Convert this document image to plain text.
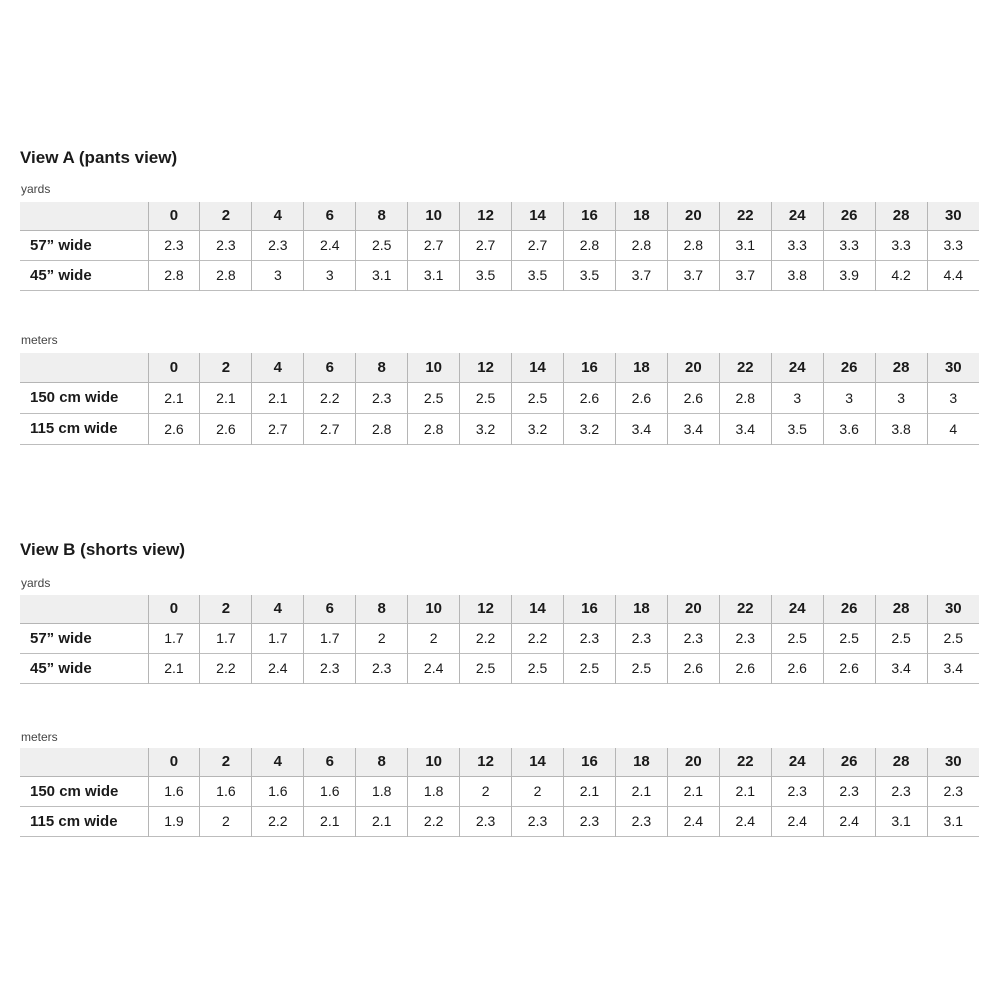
View A (pants view)
yards
	0	2	4	6	8	10	12	14	16	18	20	22	24	26	28	30
57” wide	2.3	2.3	2.3	2.4	2.5	2.7	2.7	2.7	2.8	2.8	2.8	3.1	3.3	3.3	3.3	3.3
45” wide	2.8	2.8	3	3	3.1	3.1	3.5	3.5	3.5	3.7	3.7	3.7	3.8	3.9	4.2	4.4
meters
	0	2	4	6	8	10	12	14	16	18	20	22	24	26	28	30
150 cm wide	2.1	2.1	2.1	2.2	2.3	2.5	2.5	2.5	2.6	2.6	2.6	2.8	3	3	3	3
115 cm wide	2.6	2.6	2.7	2.7	2.8	2.8	3.2	3.2	3.2	3.4	3.4	3.4	3.5	3.6	3.8	4
View B (shorts view)
yards
	0	2	4	6	8	10	12	14	16	18	20	22	24	26	28	30
57” wide	1.7	1.7	1.7	1.7	2	2	2.2	2.2	2.3	2.3	2.3	2.3	2.5	2.5	2.5	2.5
45” wide	2.1	2.2	2.4	2.3	2.3	2.4	2.5	2.5	2.5	2.5	2.6	2.6	2.6	2.6	3.4	3.4
meters
	0	2	4	6	8	10	12	14	16	18	20	22	24	26	28	30
150 cm wide	1.6	1.6	1.6	1.6	1.8	1.8	2	2	2.1	2.1	2.1	2.1	2.3	2.3	2.3	2.3
115 cm wide	1.9	2	2.2	2.1	2.1	2.2	2.3	2.3	2.3	2.3	2.4	2.4	2.4	2.4	3.1	3.1
